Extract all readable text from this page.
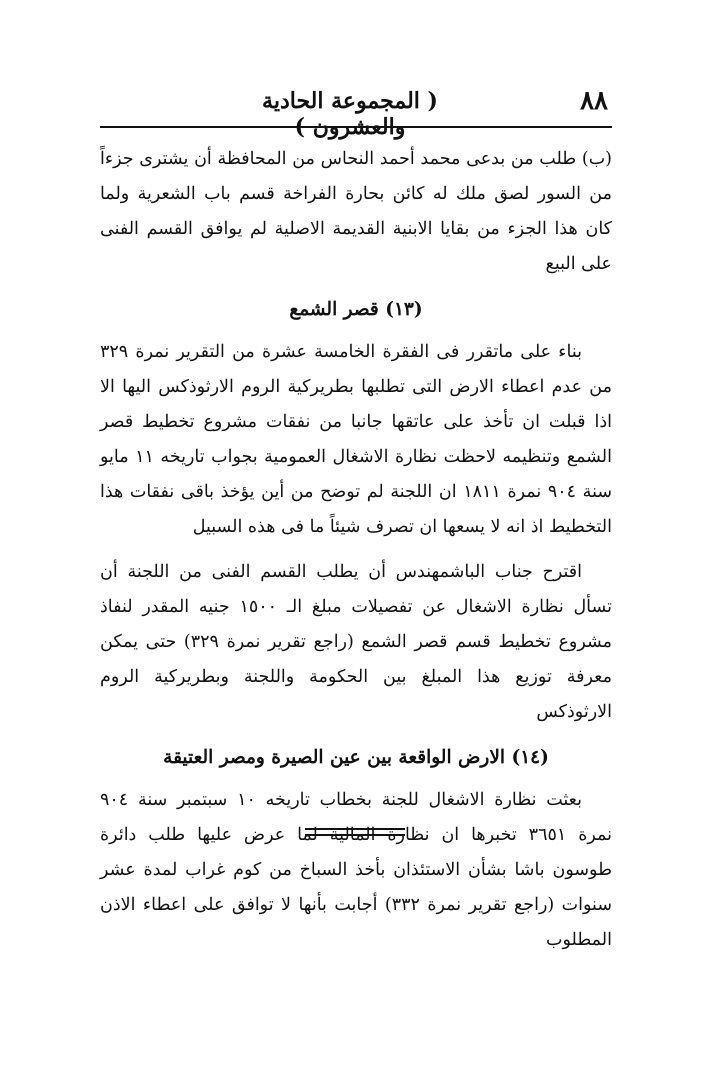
٨٨
( المجموعة الحادية والعشرون )

(ب) طلب من بدعى محمد أحمد النحاس من المحافظة أن يشترى جزءاً من السور لصق ملك له كائن بحارة الفراخة قسم باب الشعرية ولما كان هذا الجزء من بقايا الابنية القديمة الاصلية لم يوافق القسم الفنى على البيع

(١٣) قصر الشمع

بناء على ماتقرر فى الفقرة الخامسة عشرة من التقرير نمرة ٣٢٩ من عدم اعطاء الارض التى تطلبها بطريركية الروم الارثوذكس اليها الا اذا قبلت ان تأخذ على عاتقها جانبا من نفقات مشروع تخطيط قصر الشمع وتنظيمه لاحظت نظارة الاشغال العمومية بجواب تاريخه ١١ مايو سنة ٩٠٤ نمرة ١٨١١ ان اللجنة لم توضح من أين يؤخذ باقى نفقات هذا التخطيط اذ انه لا يسعها ان تصرف شيئاً ما فى هذه السبيل

اقترح جناب الباشمهندس أن يطلب القسم الفنى من اللجنة أن تسأل نظارة الاشغال عن تفصيلات مبلغ الـ ١٥٠٠ جنيه المقدر لنفاذ مشروع تخطيط قسم قصر الشمع (راجع تقرير نمرة ٣٢٩) حتى يمكن معرفة توزيع هذا المبلغ بين الحكومة واللجنة وبطريركية الروم الارثوذكس

(١٤) الارض الواقعة بين عين الصيرة ومصر العتيقة

بعثت نظارة الاشغال للجنة بخطاب تاريخه ١٠ سبتمبر سنة ٩٠٤ نمرة ٣٦٥١ تخبرها ان نظارة المالية لما عرض عليها طلب دائرة طوسون باشا بشأن الاستئذان بأخذ السباخ من كوم غراب لمدة عشر سنوات (راجع تقرير نمرة ٣٣٢) أجابت بأنها لا توافق على اعطاء الاذن المطلوب
